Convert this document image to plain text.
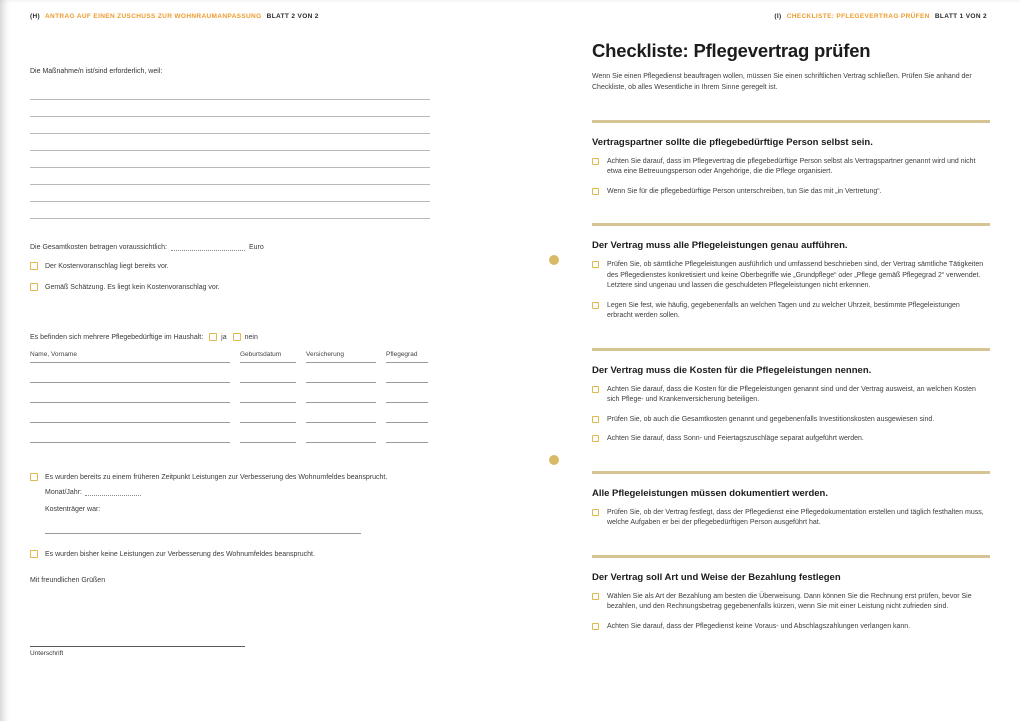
(H) ANTRAG AUF EINEN ZUSCHUSS ZUR WOHNRAUMANPASSUNG BLATT 2 VON 2

Die Maßnahme/n ist/sind erforderlich, weil:

Die Gesamtkosten betragen voraussichtlich:	Euro
Der Kostenvoranschlag liegt bereits vor.
Gemäß Schätzung. Es liegt kein Kostenvoranschlag vor.
Es befinden sich mehrere Pflegebedürftige im Haushalt:	ja	nein
Name, Vorname	Geburtsdatum	Versicherung	Pflegegrad
Es wurden bereits zu einem früheren Zeitpunkt Leistungen zur Verbesserung des Wohnumfeldes beansprucht.
Monat/Jahr:

Kostenträger war:

Es wurden bisher keine Leistungen zur Verbesserung des Wohnumfeldes beansprucht.

Mit freundlichen Grüßen

Unterschrift

(I) CHECKLISTE: PFLEGEVERTRAG PRÜFEN BLATT 1 VON 2
Checkliste: Pflegevertrag prüfen

Wenn Sie einen Pflegedienst beauftragen wollen, müssen Sie einen schriftlichen Vertrag schließen. Prüfen Sie anhand der Checkliste, ob alles Wesentliche in Ihrem Sinne geregelt ist.

Vertragspartner sollte die pflegebedürftige Person selbst sein.
Achten Sie darauf, dass im Pflegevertrag die pflegebedürftige Person selbst als Vertragspartner genannt wird und nicht etwa eine Betreuungsperson oder Angehörige, die die Pflege organisiert.
Wenn Sie für die pflegebedürftige Person unterschreiben, tun Sie das mit „in Vertretung“.
Der Vertrag muss alle Pflegeleistungen genau aufführen.
Prüfen Sie, ob sämtliche Pflegeleistungen ausführlich und umfassend beschrieben sind, der Vertrag sämtliche Tätigkeiten des Pflegedienstes konkretisiert und keine Oberbegriffe wie „Grundpflege“ oder „Pflege gemäß Pflegegrad 2“ verwendet. Letztere sind ungenau und lassen die geschuldeten Pflegeleistungen nicht erkennen.
Legen Sie fest, wie häufig, gegebenenfalls an welchen Tagen und zu welcher Uhrzeit, bestimmte Pflegeleistungen erbracht werden sollen.
Der Vertrag muss die Kosten für die Pflegeleistungen nennen.
Achten Sie darauf, dass die Kosten für die Pflegeleistungen genannt sind und der Vertrag ausweist, an welchen Kosten sich Pflege- und Krankenversicherung beteiligen.
Prüfen Sie, ob auch die Gesamtkosten genannt und gegebenenfalls Investitionskosten ausgewiesen sind.
Achten Sie darauf, dass Sonn- und Feiertagszuschläge separat aufgeführt werden.
Alle Pflegeleistungen müssen dokumentiert werden.
Prüfen Sie, ob der Vertrag festlegt, dass der Pflegedienst eine Pflegedokumentation erstellen und täglich festhalten muss, welche Aufgaben er bei der pflegebedürftigen Person ausgeführt hat.
Der Vertrag soll Art und Weise der Bezahlung festlegen
Wählen Sie als Art der Bezahlung am besten die Überweisung. Dann können Sie die Rechnung erst prüfen, bevor Sie bezahlen, und den Rechnungsbetrag gegebenenfalls kürzen, wenn Sie mit einer Leistung nicht zufrieden sind.
Achten Sie darauf, dass der Pflegedienst keine Voraus- und Abschlagszahlungen verlangen kann.
